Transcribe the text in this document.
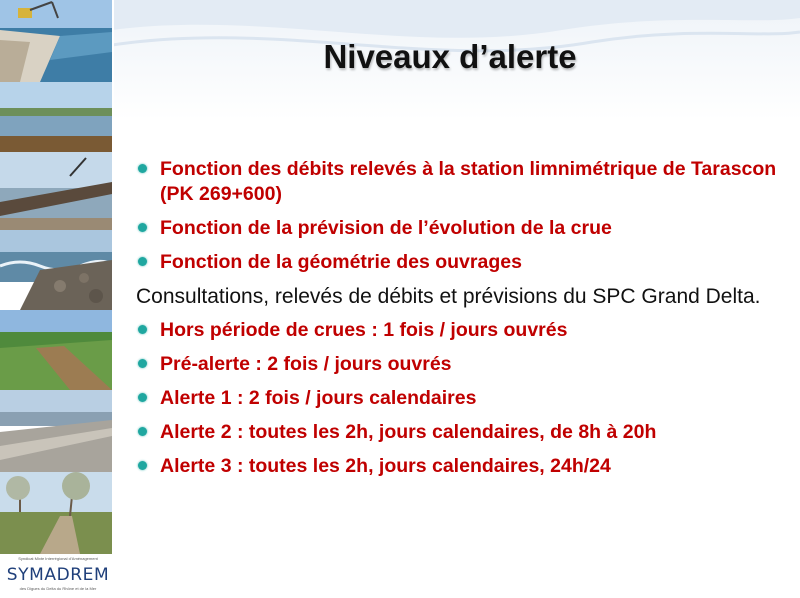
Syndicat Mixte Interrégional d’Aménagement
SYMADREM
des Digues du Delta du Rhône et de la Mer
Niveaux d’alerte
Fonction des débits relevés à la station limnimétrique de Tarascon (PK 269+600)
Fonction de la prévision de l’évolution de la crue
Fonction de la géométrie des ouvrages
Consultations, relevés de débits et prévisions du SPC Grand Delta.
Hors période de crues : 1 fois / jours ouvrés
Pré-alerte : 2 fois / jours ouvrés
Alerte 1 : 2 fois / jours calendaires
Alerte 2 : toutes les 2h, jours calendaires, de 8h à 20h
Alerte 3 : toutes les 2h, jours calendaires, 24h/24
